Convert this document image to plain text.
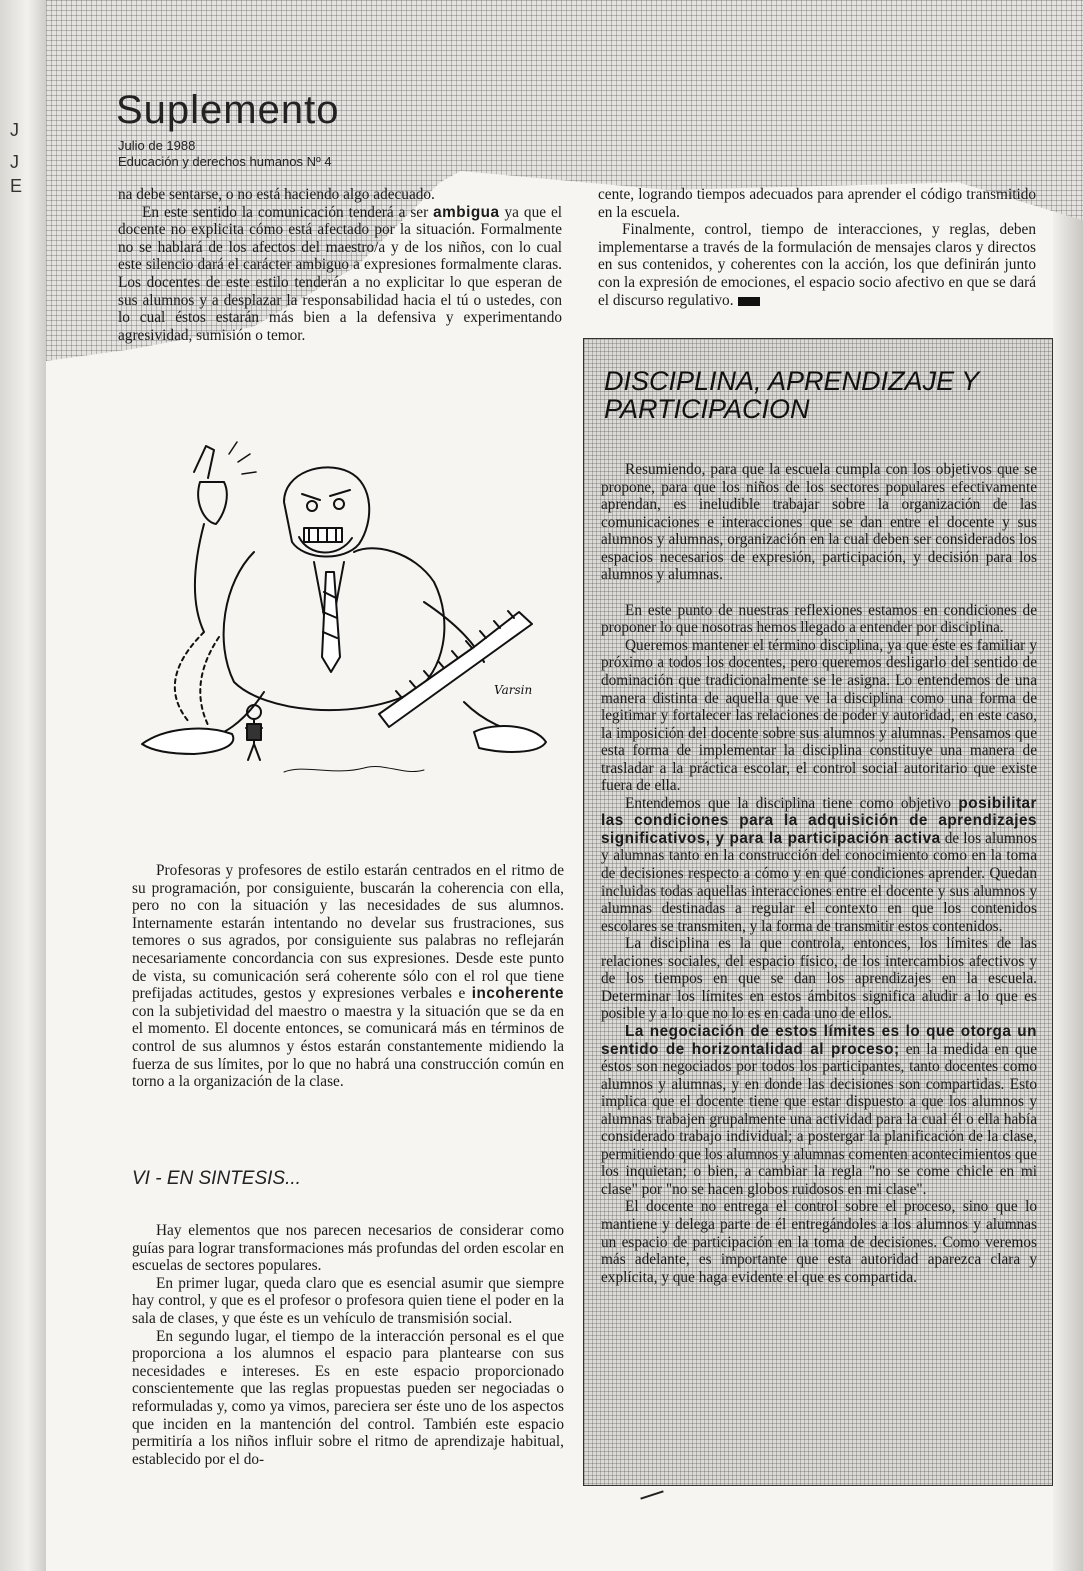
J
J
E
Suplemento
Julio de 1988
Educación y derechos humanos Nº 4

na debe sentarse, o no está haciendo algo adecuado.

En este sentido la comunicación tenderá a ser ambigua ya que el docente no explicita cómo está afectado por la situación. Formalmente no se hablará de los afectos del maestro/a y de los niños, con lo cual este silencio dará el carácter ambiguo a expresiones formalmente claras. Los docentes de este estilo tenderán a no explicitar lo que esperan de sus alumnos y a desplazar la responsabilidad hacia el tú o ustedes, con lo cual éstos estarán más bien a la defensiva y experimentando agresividad, sumisión o temor.

Varsin

Profesoras y profesores de estilo estarán centrados en el ritmo de su programación, por consiguiente, buscarán la coherencia con ella, pero no con la situación y las necesidades de sus alumnos. Internamente estarán intentando no develar sus frustraciones, sus temores o sus agrados, por consiguiente sus palabras no reflejarán necesariamente concordancia con sus expresiones. Desde este punto de vista, su comunicación será coherente sólo con el rol que tiene prefijadas actitudes, gestos y expresiones verbales e incoherente con la subjetividad del maestro o maestra y la situación que se da en el momento. El docente entonces, se comunicará más en términos de control de sus alumnos y éstos estarán constantemente midiendo la fuerza de sus límites, por lo que no habrá una construcción común en torno a la organización de la clase.

VI - EN SINTESIS...

Hay elementos que nos parecen necesarios de considerar como guías para lograr transformaciones más profundas del orden escolar en escuelas de sectores populares.

En primer lugar, queda claro que es esencial asumir que siempre hay control, y que es el profesor o profesora quien tiene el poder en la sala de clases, y que éste es un vehículo de transmisión social.

En segundo lugar, el tiempo de la interacción personal es el que proporciona a los alumnos el espacio para plantearse con sus necesidades e intereses. Es en este espacio proporcionado conscientemente que las reglas propuestas pueden ser negociadas o reformuladas y, como ya vimos, pareciera ser éste uno de los aspectos que inciden en la mantención del control. También este espacio permitiría a los niños influir sobre el ritmo de aprendizaje habitual, establecido por el do-

cente, logrando tiempos adecuados para aprender el código transmitido en la escuela.

Finalmente, control, tiempo de interacciones, y reglas, deben implementarse a través de la formulación de mensajes claros y directos en sus contenidos, y coherentes con la acción, los que definirán junto con la expresión de emociones, el espacio socio afectivo en que se dará el discurso regulativo.

DISCIPLINA, APRENDIZAJE Y PARTICIPACION

Resumiendo, para que la escuela cumpla con los objetivos que se propone, para que los niños de los sectores populares efectivamente aprendan, es ineludible trabajar sobre la organización de las comunicaciones e interacciones que se dan entre el docente y sus alumnos y alumnas, organización en la cual deben ser considerados los espacios necesarios de expresión, participación, y decisión para los alumnos y alumnas.

En este punto de nuestras reflexiones estamos en condiciones de proponer lo que nosotras hemos llegado a entender por disciplina.

Queremos mantener el término disciplina, ya que éste es familiar y próximo a todos los docentes, pero queremos desligarlo del sentido de dominación que tradicionalmente se le asigna. Lo entendemos de una manera distinta de aquella que ve la disciplina como una forma de legitimar y fortalecer las relaciones de poder y autoridad, en este caso, la imposición del docente sobre sus alumnos y alumnas. Pensamos que esta forma de implementar la disciplina constituye una manera de trasladar a la práctica escolar, el control social autoritario que existe fuera de ella.

Entendemos que la disciplina tiene como objetivo posibilitar las condiciones para la adquisición de aprendizajes significativos, y para la participación activa de los alumnos y alumnas tanto en la construcción del conocimiento como en la toma de decisiones respecto a cómo y en qué condiciones aprender. Quedan incluidas todas aquellas interacciones entre el docente y sus alumnos y alumnas destinadas a regular el contexto en que los contenidos escolares se transmiten, y la forma de transmitir estos contenidos.

La disciplina es la que controla, entonces, los límites de las relaciones sociales, del espacio físico, de los intercambios afectivos y de los tiempos en que se dan los aprendizajes en la escuela. Determinar los límites en estos ámbitos significa aludir a lo que es posible y a lo que no lo es en cada uno de ellos.

La negociación de estos límites es lo que otorga un sentido de horizontalidad al proceso; en la medida en que éstos son negociados por todos los participantes, tanto docentes como alumnos y alumnas, y en donde las decisiones son compartidas. Esto implica que el docente tiene que estar dispuesto a que los alumnos y alumnas trabajen grupalmente una actividad para la cual él o ella había considerado trabajo individual; a postergar la planificación de la clase, permitiendo que los alumnos y alumnas comenten acontecimientos que los inquietan; o bien, a cambiar la regla "no se come chicle en mi clase" por "no se hacen globos ruidosos en mi clase".

El docente no entrega el control sobre el proceso, sino que lo mantiene y delega parte de él entregándoles a los alumnos y alumnas un espacio de participación en la toma de decisiones. Como veremos más adelante, es importante que esta autoridad aparezca clara y explícita, y que haga evidente el que es compartida.
